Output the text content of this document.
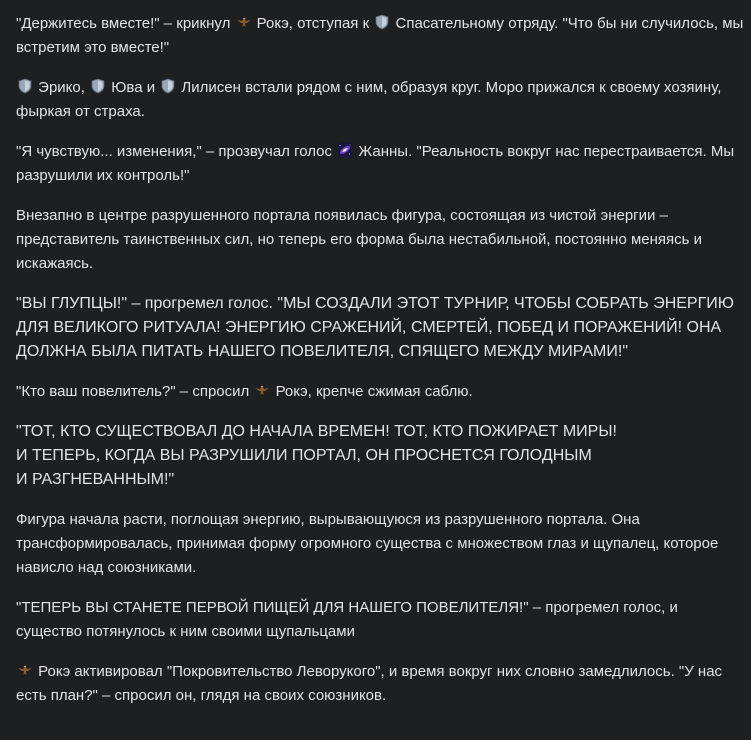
"Держитесь вместе!" – крикнул
Рокэ, отступая к
Спасательному отряду. "Что бы ни случилось, мы встретим это вместе!"

Эрико,
Юва и
Лилисен встали рядом с ним, образуя круг. Моро прижался к своему хозяину, фыркая от страха.

"Я чувствую... изменения," – прозвучал голос
Жанны. "Реальность вокруг нас перестраивается. Мы разрушили их контроль!"

Внезапно в центре разрушенного портала появилась фигура, состоящая из чистой энергии – представитель таинственных сил, но теперь его форма была нестабильной, постоянно меняясь и искажаясь.

"ВЫ ГЛУПЦЫ!" – прогремел голос. "МЫ СОЗДАЛИ ЭТОТ ТУРНИР, ЧТОБЫ СОБРАТЬ ЭНЕРГИЮ ДЛЯ ВЕЛИКОГО РИТУАЛА! ЭНЕРГИЮ СРАЖЕНИЙ, СМЕРТЕЙ, ПОБЕД И ПОРАЖЕНИЙ! ОНА ДОЛЖНА БЫЛА ПИТАТЬ НАШЕГО ПОВЕЛИТЕЛЯ, СПЯЩЕГО МЕЖДУ МИРАМИ!"

"Кто ваш повелитель?" – спросил
Рокэ, крепче сжимая саблю.

"ТОТ, КТО СУЩЕСТВОВАЛ ДО НАЧАЛА ВРЕМЕН! ТОТ, КТО ПОЖИРАЕТ МИРЫ!
И ТЕПЕРЬ, КОГДА ВЫ РАЗРУШИЛИ ПОРТАЛ, ОН ПРОСНЕТСЯ ГОЛОДНЫМ
И РАЗГНЕВАННЫМ!"

Фигура начала расти, поглощая энергию, вырывающуюся из разрушенного портала. Она трансформировалась, принимая форму огромного существа с множеством глаз и щупалец, которое нависло над союзниками.

"ТЕПЕРЬ ВЫ СТАНЕТЕ ПЕРВОЙ ПИЩЕЙ ДЛЯ НАШЕГО ПОВЕЛИТЕЛЯ!" – прогремел голос, и существо потянулось к ним своими щупальцами

Рокэ активировал "Покровительство Леворукого", и время вокруг них словно замедлилось. "У нас есть план?" – спросил он, глядя на своих союзников.
